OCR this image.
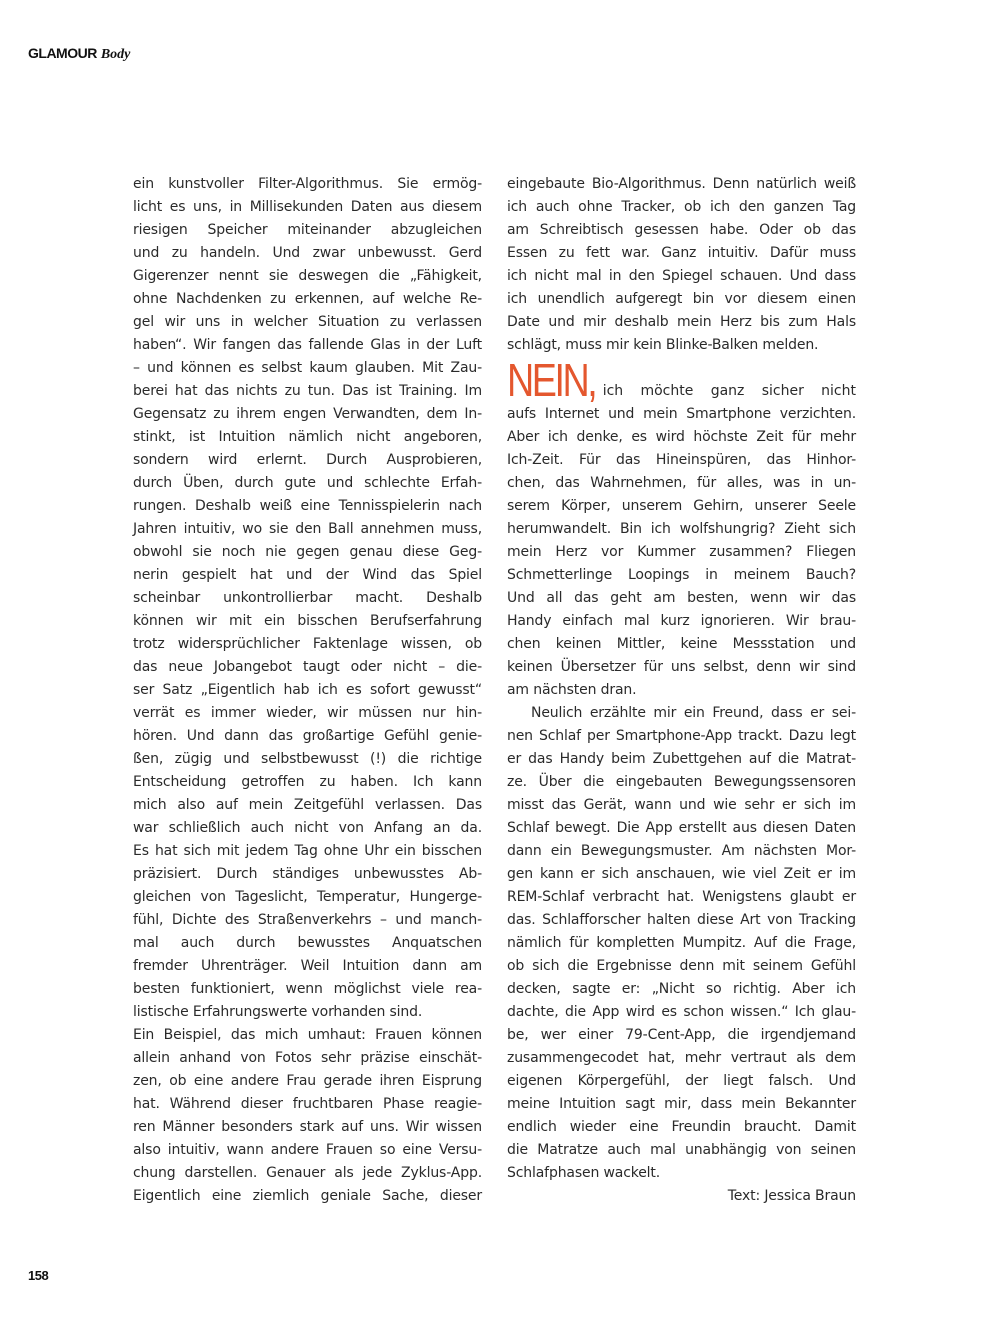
GLAMOUR Body
ein kunstvoller Filter-Algorithmus. Sie ermög-
licht es uns, in Millisekunden Daten aus diesem
riesigen Speicher miteinander abzugleichen
und zu handeln. Und zwar unbewusst. Gerd
Gigerenzer nennt sie deswegen die „Fähigkeit,
ohne Nachdenken zu erkennen, auf welche Re-
gel wir uns in welcher Situation zu verlassen
haben“. Wir fangen das fallende Glas in der Luft
– und können es selbst kaum glauben. Mit Zau-
berei hat das nichts zu tun. Das ist Training. Im
Gegensatz zu ihrem engen Verwandten, dem In-
stinkt, ist Intuition nämlich nicht angeboren,
sondern wird erlernt. Durch Ausprobieren,
durch Üben, durch gute und schlechte Erfah-
rungen. Deshalb weiß eine Tennisspielerin nach
Jahren intuitiv, wo sie den Ball annehmen muss,
obwohl sie noch nie gegen genau diese Geg-
nerin gespielt hat und der Wind das Spiel
scheinbar unkontrollierbar macht. Deshalb
können wir mit ein bisschen Berufserfahrung
trotz widersprüchlicher Faktenlage wissen, ob
das neue Jobangebot taugt oder nicht – die-
ser Satz „Eigentlich hab ich es sofort gewusst“
verrät es immer wieder, wir müssen nur hin-
hören. Und dann das großartige Gefühl genie-
ßen, zügig und selbstbewusst (!) die richtige
Entscheidung getroffen zu haben. Ich kann
mich also auf mein Zeitgefühl verlassen. Das
war schließlich auch nicht von Anfang an da.
Es hat sich mit jedem Tag ohne Uhr ein bisschen
präzisiert. Durch ständiges unbewusstes Ab-
gleichen von Tageslicht, Temperatur, Hungerge-
fühl, Dichte des Straßenverkehrs – und manch-
mal auch durch bewusstes Anquatschen
fremder Uhrenträger. Weil Intuition dann am
besten funktioniert, wenn möglichst viele rea-
listische Erfahrungswerte vorhanden sind.
Ein Beispiel, das mich umhaut: Frauen können
allein anhand von Fotos sehr präzise einschät-
zen, ob eine andere Frau gerade ihren Eisprung
hat. Während dieser fruchtbaren Phase reagie-
ren Männer besonders stark auf uns. Wir wissen
also intuitiv, wann andere Frauen so eine Versu-
chung darstellen. Genauer als jede Zyklus-App.
Eigentlich eine ziemlich geniale Sache, dieser
eingebaute Bio-Algorithmus. Denn natürlich weiß
ich auch ohne Tracker, ob ich den ganzen Tag
am Schreibtisch gesessen habe. Oder ob das
Essen zu fett war. Ganz intuitiv. Dafür muss
ich nicht mal in den Spiegel schauen. Und dass
ich unendlich aufgeregt bin vor diesem einen
Date und mir deshalb mein Herz bis zum Hals
schlägt, muss mir kein Blinke-Balken melden.
NEIN, ich möchte ganz sicher nicht
aufs Internet und mein Smartphone verzichten.
Aber ich denke, es wird höchste Zeit für mehr
Ich-Zeit. Für das Hineinspüren, das Hinhor-
chen, das Wahrnehmen, für alles, was in un-
serem Körper, unserem Gehirn, unserer Seele
herumwandelt. Bin ich wolfshungrig? Zieht sich
mein Herz vor Kummer zusammen? Fliegen
Schmetterlinge Loopings in meinem Bauch?
Und all das geht am besten, wenn wir das
Handy einfach mal kurz ignorieren. Wir brau-
chen keinen Mittler, keine Messstation und
keinen Übersetzer für uns selbst, denn wir sind
am nächsten dran.
Neulich erzählte mir ein Freund, dass er sei-
nen Schlaf per Smartphone-App trackt. Dazu legt
er das Handy beim Zubettgehen auf die Matrat-
ze. Über die eingebauten Bewegungssensoren
misst das Gerät, wann und wie sehr er sich im
Schlaf bewegt. Die App erstellt aus diesen Daten
dann ein Bewegungsmuster. Am nächsten Mor-
gen kann er sich anschauen, wie viel Zeit er im
REM-Schlaf verbracht hat. Wenigstens glaubt er
das. Schlafforscher halten diese Art von Tracking
nämlich für kompletten Mumpitz. Auf die Frage,
ob sich die Ergebnisse denn mit seinem Gefühl
decken, sagte er: „Nicht so richtig. Aber ich
dachte, die App wird es schon wissen.“ Ich glau-
be, wer einer 79-Cent-App, die irgendjemand
zusammengecodet hat, mehr vertraut als dem
eigenen Körpergefühl, der liegt falsch. Und
meine Intuition sagt mir, dass mein Bekannter
endlich wieder eine Freundin braucht. Damit
die Matratze auch mal unabhängig von seinen
Schlafphasen wackelt.
Text: Jessica Braun
158
